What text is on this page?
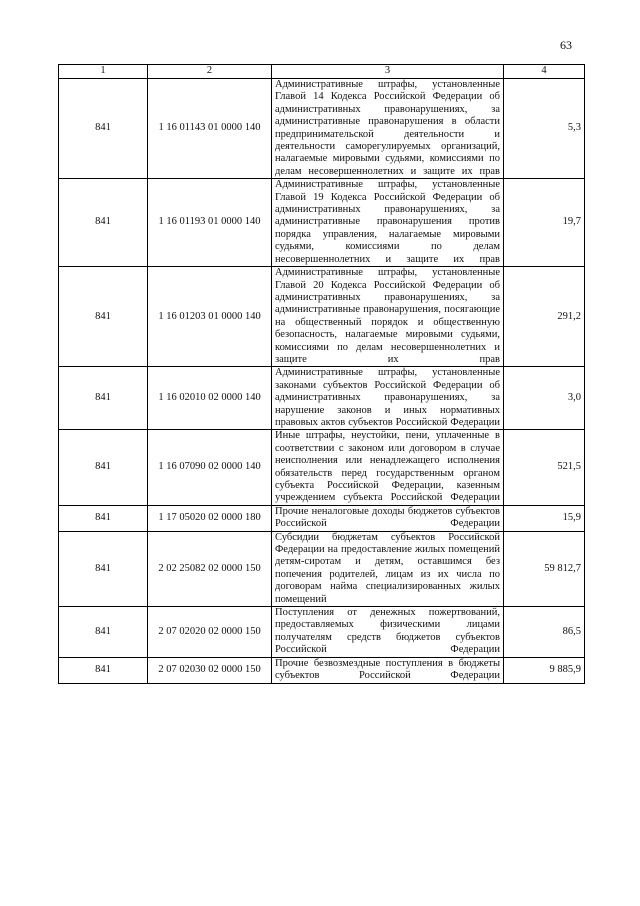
63
1	2	3	4
841	1 16 01143 01 0000 140	Административные штрафы, установленные Главой 14 Кодекса Российской Федерации об административных правонарушениях, за административные правонарушения в области предпринимательской деятельности и деятельности саморегулируемых организаций, налагаемые мировыми судьями, комиссиями по делам несовершеннолетних и защите их прав	5,3
841	1 16 01193 01 0000 140	Административные штрафы, установленные Главой 19 Кодекса Российской Федерации об административных правонарушениях, за административные правонарушения против порядка управления, налагаемые мировыми судьями, комиссиями по делам несовершеннолетних и защите их прав	19,7
841	1 16 01203 01 0000 140	Административные штрафы, установленные Главой 20 Кодекса Российской Федерации об административных правонарушениях, за административные правонарушения, посягающие на общественный порядок и общественную безопасность, налагаемые мировыми судьями, комиссиями по делам несовершеннолетних и защите их прав	291,2
841	1 16 02010 02 0000 140	Административные штрафы, установленные законами субъектов Российской Федерации об административных правонарушениях, за нарушение законов и иных нормативных правовых актов субъектов Российской Федерации	3,0
841	1 16 07090 02 0000 140	Иные штрафы, неустойки, пени, уплаченные в соответствии с законом или договором в случае неисполнения или ненадлежащего исполнения обязательств перед государственным органом субъекта Российской Федерации, казенным учреждением субъекта Российской Федерации	521,5
841	1 17 05020 02 0000 180	Прочие неналоговые доходы бюджетов субъектов Российской Федерации	15,9
841	2 02 25082 02 0000 150	Субсидии бюджетам субъектов Российской Федерации на предоставление жилых помещений детям-сиротам и детям, оставшимся без попечения родителей, лицам из их числа по договорам найма специализированных жилых помещений	59 812,7
841	2 07 02020 02 0000 150	Поступления от денежных пожертвований, предоставляемых физическими лицами получателям средств бюджетов субъектов Российской Федерации	86,5
841	2 07 02030 02 0000 150	Прочие безвозмездные поступления в бюджеты субъектов Российской Федерации	9 885,9
